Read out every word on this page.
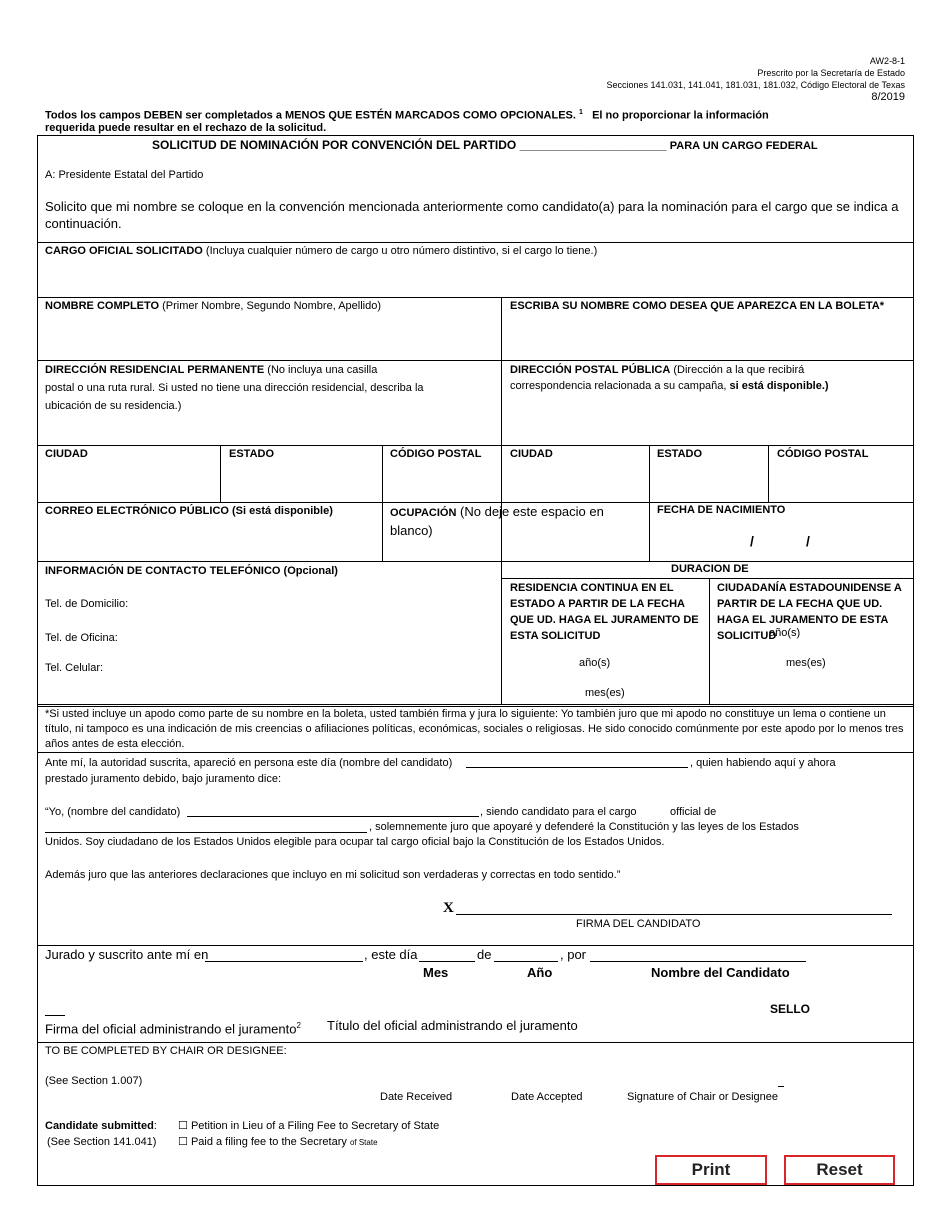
AW2-8-1
Prescrito por la Secretaría de Estado
Secciones 141.031, 141.041, 181.031, 181.032, Código Electoral de Texas
8/2019
Todos los campos DEBEN ser completados a MENOS QUE ESTÉN MARCADOS COMO OPCIONALES. $^1$ El no proporcionar la información
requerida puede resultar en el rechazo de la solicitud.
SOLICITUD DE NOMINACIÓN POR CONVENCIÓN DEL PARTIDO ______________________ PARA UN CARGO FEDERAL
A: Presidente Estatal del Partido
Solicito que mi nombre se coloque en la convención mencionada anteriormente como candidato(a) para la nominación para el cargo que se indica a continuación.
CARGO OFICIAL SOLICITADO (Incluya cualquier número de cargo u otro número distintivo, si el cargo lo tiene.)
NOMBRE COMPLETO (Primer Nombre, Segundo Nombre, Apellido)	ESCRIBA SU NOMBRE COMO DESEA QUE APAREZCA EN LA BOLETA*
DIRECCIÓN RESIDENCIAL PERMANENTE (No incluya una casilla
postal o una ruta rural. Si usted no tiene una dirección residencial, describa la
ubicación de su residencia.)
DIRECCIÓN POSTAL PÚBLICA (Dirección a la que recibirá
correspondencia relacionada a su campaña, si está disponible.)
CIUDAD	ESTADO	CÓDIGO POSTAL	CIUDAD	ESTADO	CÓDIGO POSTAL
CORREO ELECTRÓNICO PÚBLICO (Si está disponible)	OCUPACIÓN (No deje este espacio en blanco)
FECHA DE NACIMIENTO
/	/
INFORMACIÓN DE CONTACTO TELEFÓNICO (Opcional)
Tel. de Domicilio:
Tel. de Oficina:
Tel. Celular:
DURACION DE
RESIDENCIA CONTINUA EN EL ESTADO A PARTIR DE LA FECHA QUE UD. HAGA EL JURAMENTO DE ESTA SOLICITUD
CIUDADANÍA ESTADOUNIDENSE A PARTIR DE LA FECHA QUE UD. HAGA EL JURAMENTO DE ESTA SOLICITUD
año(s)
mes(es)
año(s)
mes(es)
*Si usted incluye un apodo como parte de su nombre en la boleta, usted también firma y jura lo siguiente: Yo también juro que mi apodo no constituye un lema o contiene un título, ni tampoco es una indicación de mis creencias o afiliaciones políticas, económicas, sociales o religiosas. He sido conocido comúnmente por este apodo por lo menos tres años antes de esta elección.
Ante mí, la autoridad suscrita, apareció en persona este día (nombre del candidato)	, quien habiendo aquí y ahora
prestado juramento debido, bajo juramento dice:
“Yo, (nombre del candidato)	, siendo candidato para el cargo	official de
, solemnemente juro que apoyaré y defenderé la Constitución y las leyes de los Estados
Unidos. Soy ciudadano de los Estados Unidos elegible para ocupar tal cargo oficial bajo la Constitución de los Estados Unidos.
Además juro que las anteriores declaraciones que incluyo en mi solicitud son verdaderas y correctas en todo sentido.”
X
FIRMA DEL CANDIDATO
Jurado y suscrito ante mí en	, este día	de	, por
Mes	Año	Nombre del Candidato
SELLO
Firma del oficial administrando el juramento$^2$ Título del oficial administrando el juramento
TO BE COMPLETED BY CHAIR OR DESIGNEE:
(See Section 1.007)
Date Received	Date Accepted	Signature of Chair or Designee
Candidate submitted:
(See Section 141.041)
☐ Petition in Lieu of a Filing Fee to Secretary of State
☐ Paid a filing fee to the Secretary of State
Print	Reset
